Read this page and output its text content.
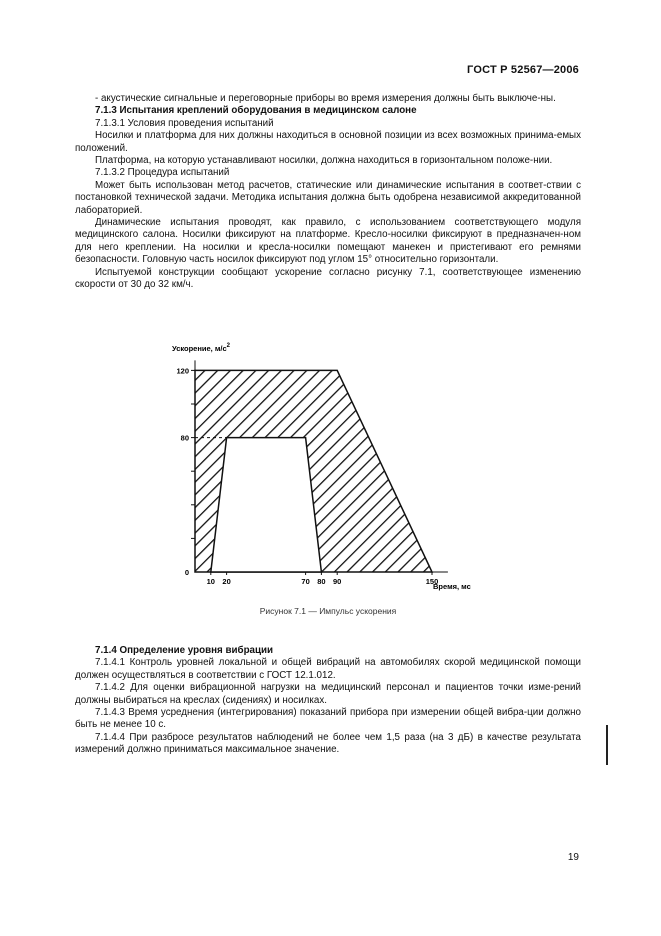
ГОСТ Р 52567—2006

- акустические сигнальные и переговорные приборы во время измерения должны быть выключе-ны.

7.1.3 Испытания креплений оборудования в медицинском салоне

7.1.3.1 Условия проведения испытаний

Носилки и платформа для них должны находиться в основной позиции из всех возможных принима-емых положений.

Платформа, на которую устанавливают носилки, должна находиться в горизонтальном положе-нии.

7.1.3.2 Процедура испытаний

Может быть использован метод расчетов, статические или динамические испытания в соответ-ствии с постановкой технической задачи. Методика испытания должна быть одобрена независимой аккредитованной лабораторией.

Динамические испытания проводят, как правило, с использованием соответствующего модуля медицинского салона. Носилки фиксируют на платформе. Кресло-носилки фиксируют в предназначен-ном для него креплении. На носилки и кресла-носилки помещают манекен и пристегивают его ремнями безопасности. Головную часть носилок фиксируют под углом 15° относительно горизонтали.

Испытуемой конструкции сообщают ускорение согласно рисунку 7.1, соответствующее изменению скорости от 30 до 32 км/ч.

0
80
120
10 20	70 80 90	150
Ускорение, $м/с^2$
Время, мс
Рисунок 7.1 — Импульс ускорения
7.1.4 Определение уровня вибрации

7.1.4.1 Контроль уровней локальной и общей вибраций на автомобилях скорой медицинской помощи должен осуществляться в соответствии с ГОСТ 12.1.012.

7.1.4.2 Для оценки вибрационной нагрузки на медицинский персонал и пациентов точки изме-рений должны выбираться на креслах (сидениях) и носилках.

7.1.4.3 Время усреднения (интегрирования) показаний прибора при измерении общей вибра-ции должно быть не менее 10 с.

7.1.4.4 При разбросе результатов наблюдений не более чем 1,5 раза (на 3 дБ) в качестве результата измерений должно приниматься максимальное значение.

19
